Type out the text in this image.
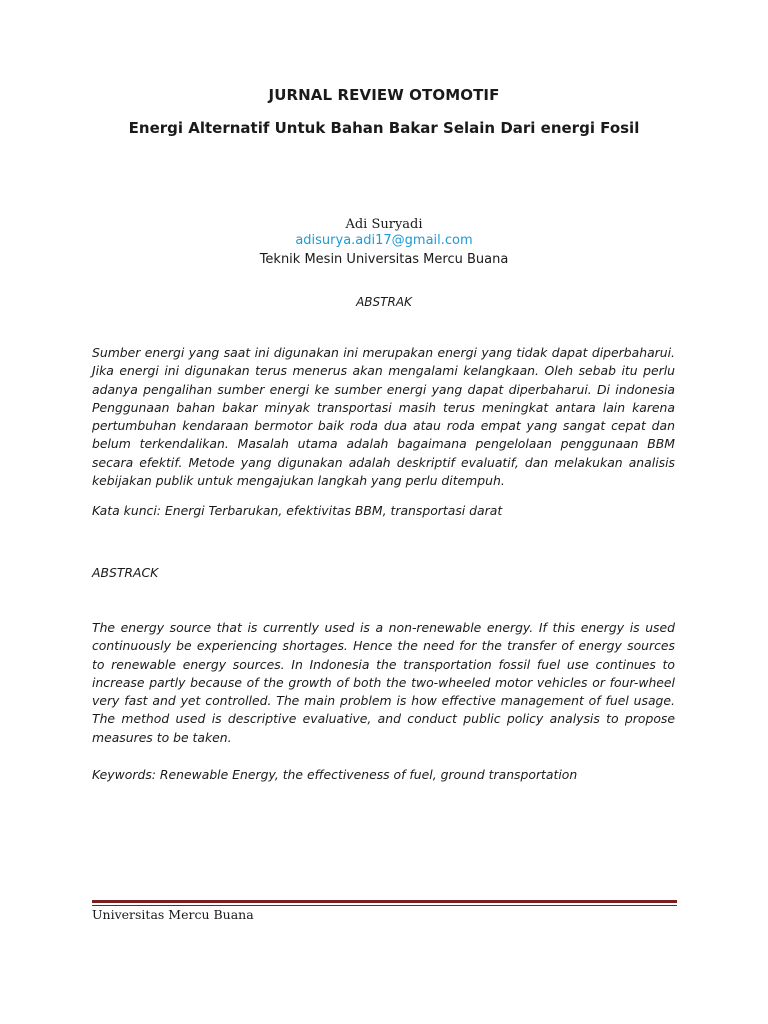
JURNAL REVIEW OTOMOTIF
Energi Alternatif Untuk Bahan Bakar Selain Dari energi Fosil
Adi Suryadi
adisurya.adi17@gmail.com
Teknik Mesin Universitas Mercu Buana
ABSTRAK
Sumber energi yang saat ini digunakan ini merupakan energi yang tidak dapat diperbaharui. Jika energi ini digunakan terus menerus akan mengalami kelangkaan. Oleh sebab itu perlu adanya pengalihan sumber energi ke sumber energi yang dapat diperbaharui. Di indonesia Penggunaan bahan bakar minyak transportasi masih terus meningkat antara lain karena pertumbuhan kendaraan bermotor baik roda dua atau roda empat yang sangat cepat dan belum terkendalikan. Masalah utama adalah bagaimana pengelolaan penggunaan BBM secara efektif. Metode yang digunakan adalah deskriptif evaluatif, dan melakukan analisis kebijakan publik untuk mengajukan langkah yang perlu ditempuh.
Kata kunci: Energi Terbarukan, efektivitas BBM, transportasi darat
ABSTRACK
The energy source that is currently used is a non-renewable energy. If this energy is used continuously be experiencing shortages. Hence the need for the transfer of energy sources to renewable energy sources. In Indonesia the transportation fossil fuel use continues to increase partly because of the growth of both the two-wheeled motor vehicles or four-wheel very fast and yet controlled. The main problem is how effective management of fuel usage. The method used is descriptive evaluative, and conduct public policy analysis to propose measures to be taken.
Keywords: Renewable Energy, the effectiveness of fuel, ground transportation
Universitas Mercu Buana
